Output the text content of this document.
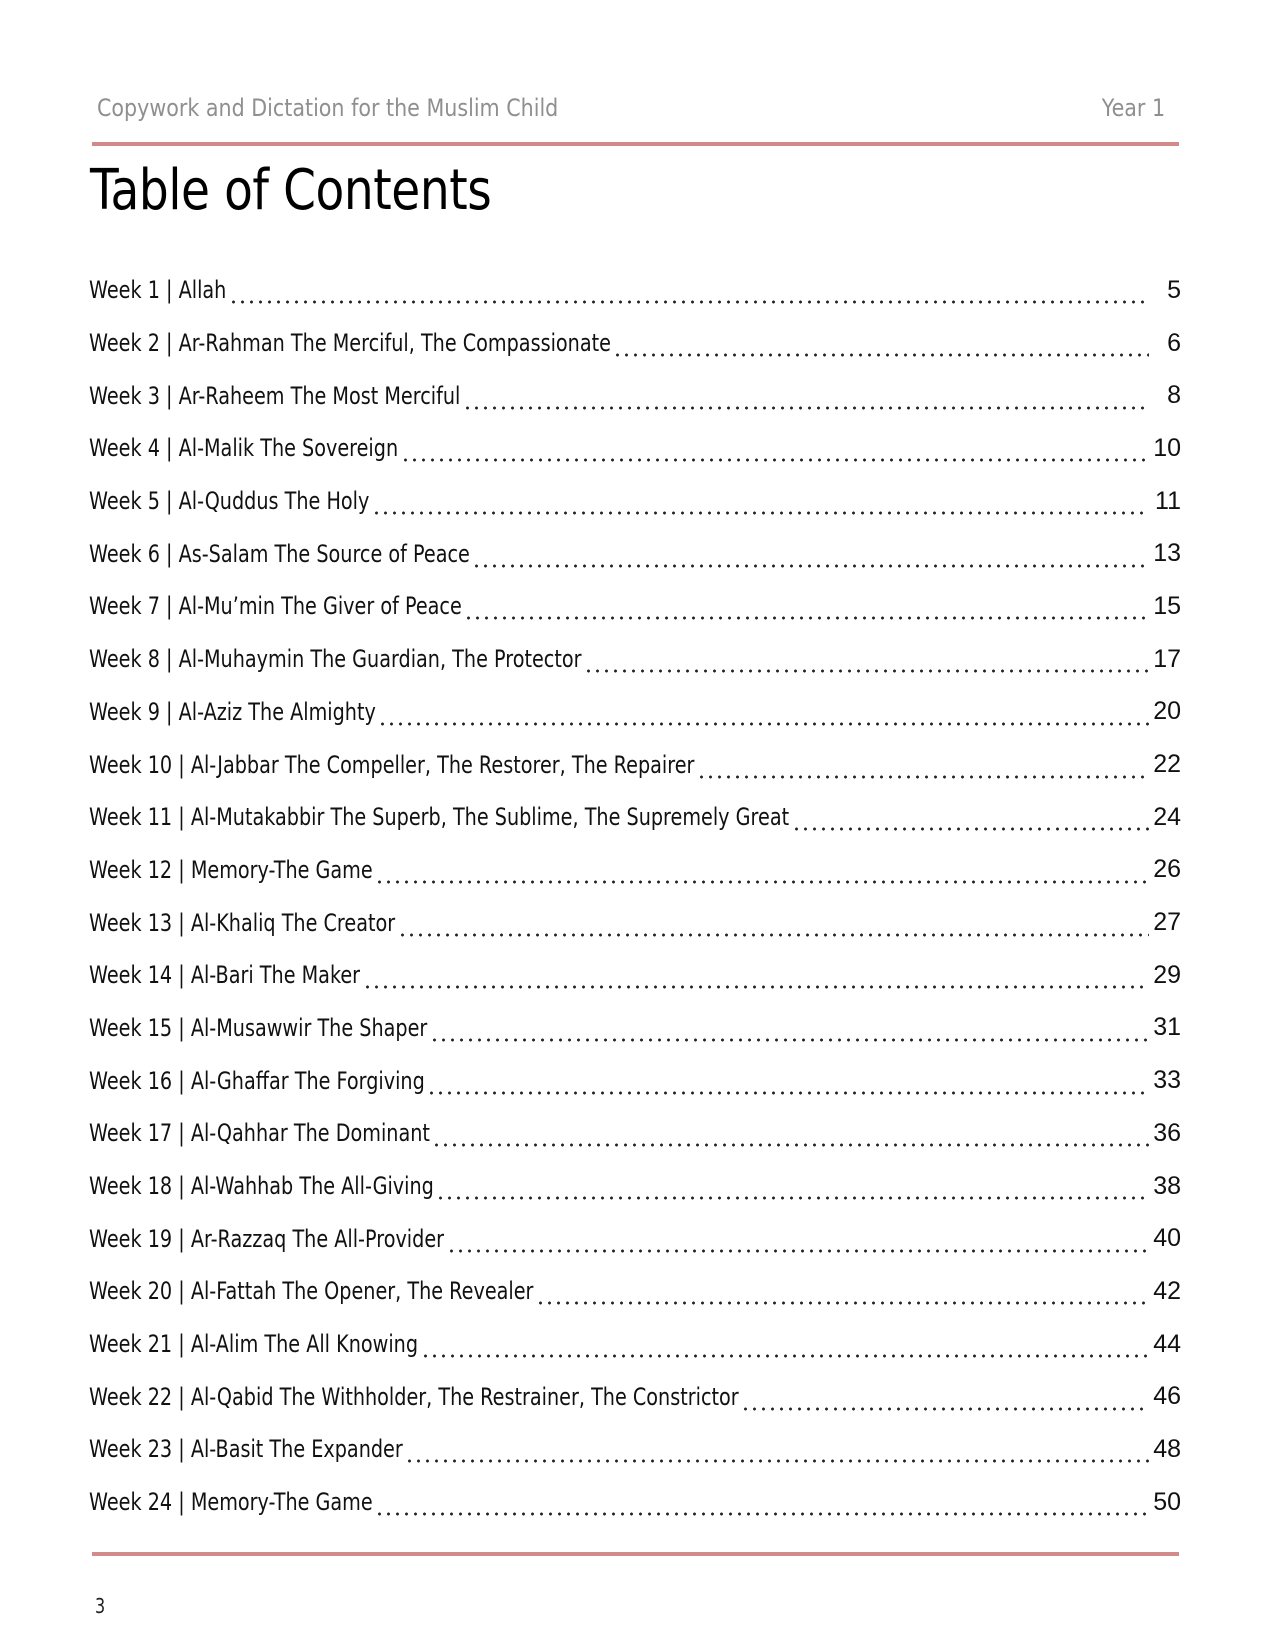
Copywork and Dictation for the Muslim Child	Year 1
Table of Contents
Week 1 | Allah	5
Week 2 | Ar-Rahman The Merciful, The Compassionate	6
Week 3 | Ar-Raheem The Most Merciful	8
Week 4 | Al-Malik The Sovereign	10
Week 5 | Al-Quddus The Holy	11
Week 6 | As-Salam The Source of Peace	13
Week 7 | Al-Mu’min The Giver of Peace	15
Week 8 | Al-Muhaymin The Guardian, The Protector	17
Week 9 | Al-Aziz The Almighty	20
Week 10 | Al-Jabbar The Compeller, The Restorer, The Repairer	22
Week 11 | Al-Mutakabbir The Superb, The Sublime, The Supremely Great	24
Week 12 | Memory-The Game	26
Week 13 | Al-Khaliq The Creator	27
Week 14 | Al-Bari The Maker	29
Week 15 | Al-Musawwir The Shaper	31
Week 16 | Al-Ghaffar The Forgiving	33
Week 17 | Al-Qahhar The Dominant	36
Week 18 | Al-Wahhab The All-Giving	38
Week 19 | Ar-Razzaq The All-Provider	40
Week 20 | Al-Fattah The Opener, The Revealer	42
Week 21 | Al-Alim The All Knowing	44
Week 22 | Al-Qabid The Withholder, The Restrainer, The Constrictor	46
Week 23 | Al-Basit The Expander	48
Week 24 | Memory-The Game	50
3
